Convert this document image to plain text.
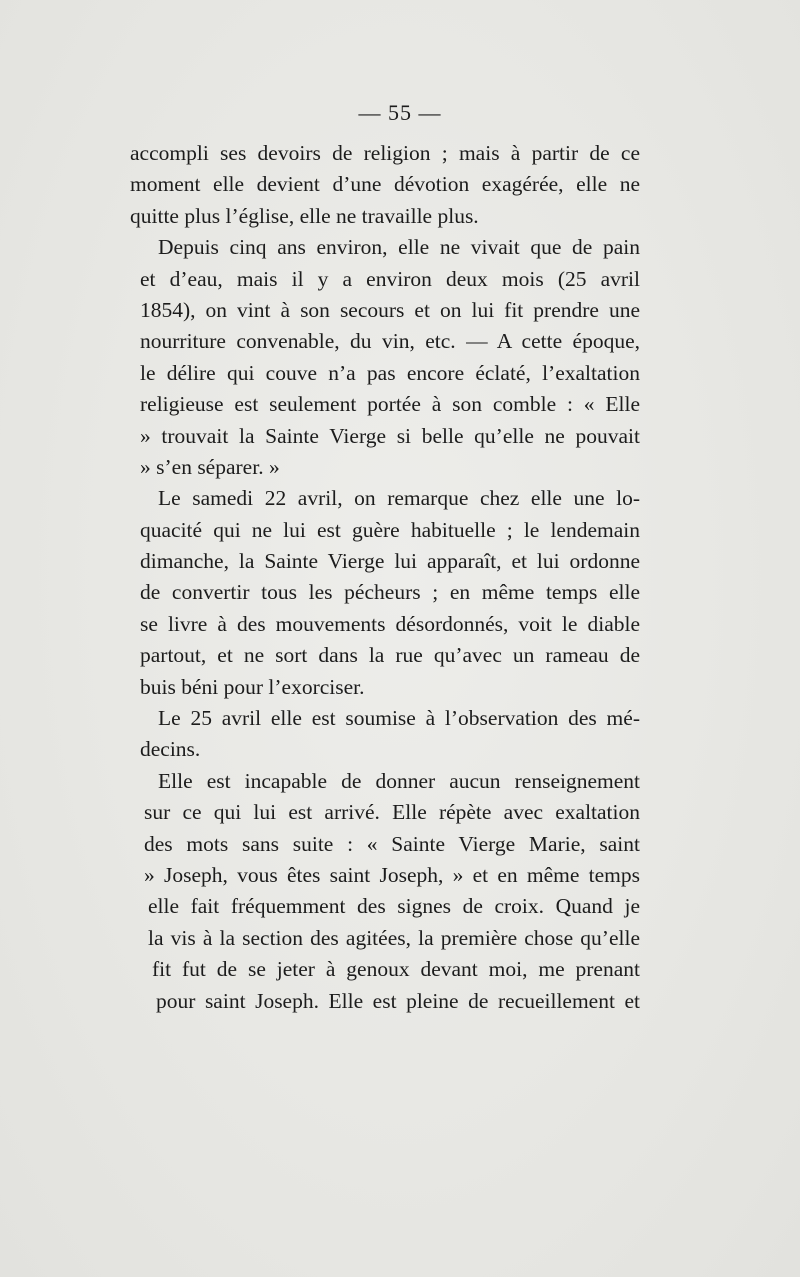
— 55 —
accompli ses devoirs de religion ; mais à partir de ce
moment elle devient d’une dévotion exagérée, elle ne
quitte plus l’église, elle ne travaille plus.
Depuis cinq ans environ, elle ne vivait que de pain
et d’eau, mais il y a environ deux mois (25 avril
1854), on vint à son secours et on lui fit prendre une
nourriture convenable, du vin, etc. — A cette époque,
le délire qui couve n’a pas encore éclaté, l’exaltation
religieuse est seulement portée à son comble : « Elle
» trouvait la Sainte Vierge si belle qu’elle ne pouvait
» s’en séparer. »
Le samedi 22 avril, on remarque chez elle une lo-
quacité qui ne lui est guère habituelle ; le lendemain
dimanche, la Sainte Vierge lui apparaît, et lui ordonne
de convertir tous les pécheurs ; en même temps elle
se livre à des mouvements désordonnés, voit le diable
partout, et ne sort dans la rue qu’avec un rameau de
buis béni pour l’exorciser.
Le 25 avril elle est soumise à l’observation des mé-
decins.
Elle est incapable de donner aucun renseignement
sur ce qui lui est arrivé. Elle répète avec exaltation
des mots sans suite : « Sainte Vierge Marie, saint
» Joseph, vous êtes saint Joseph, » et en même temps
elle fait fréquemment des signes de croix. Quand je
la vis à la section des agitées, la première chose qu’elle
fit fut de se jeter à genoux devant moi, me prenant
pour saint Joseph. Elle est pleine de recueillement et
